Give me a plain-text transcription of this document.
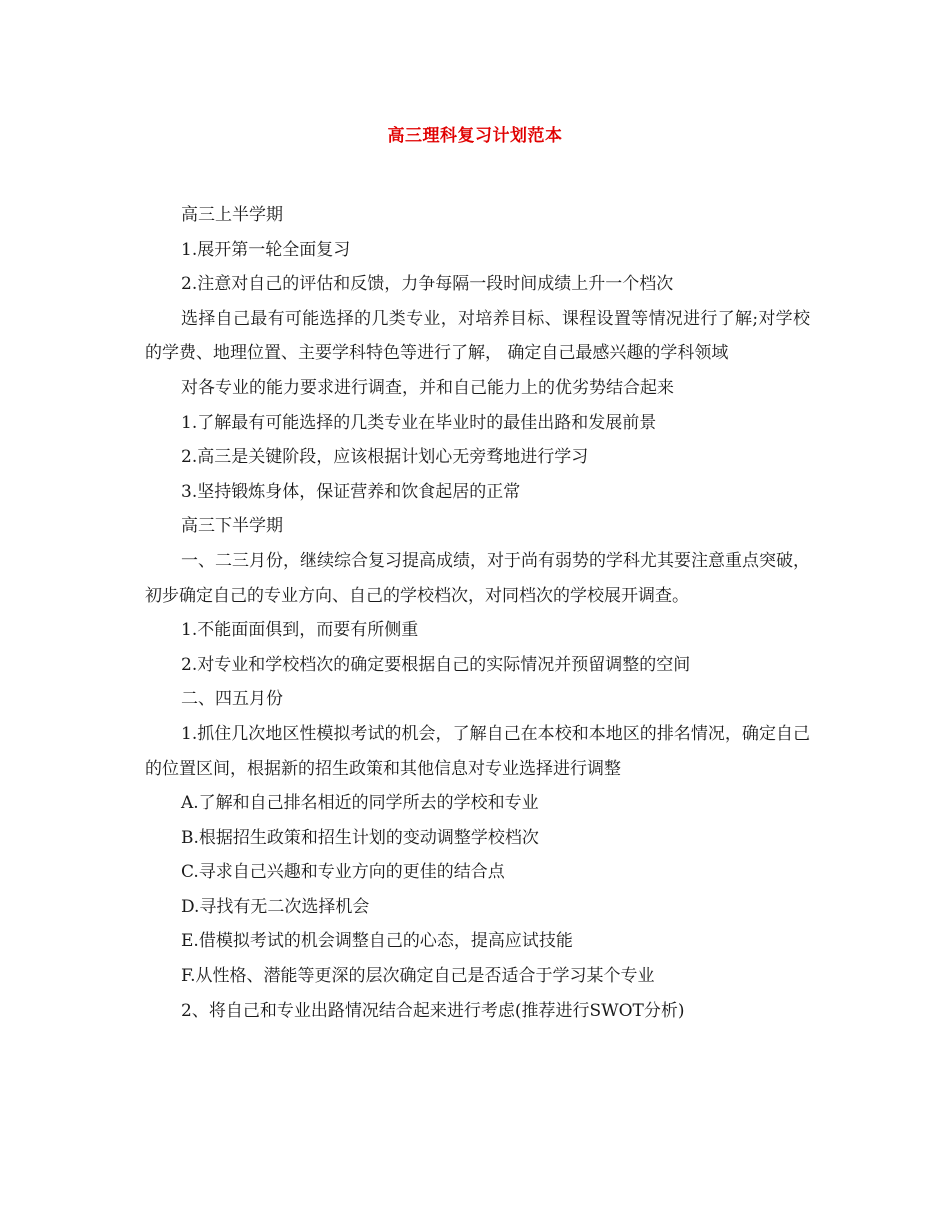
高三理科复习计划范本

高三上半学期

1.展开第一轮全面复习

2.注意对自己的评估和反馈，力争每隔一段时间成绩上升一个档次

选择自己最有可能选择的几类专业，对培养目标、课程设置等情况进行了解;对学校的学费、地理位置、主要学科特色等进行了解， 确定自己最感兴趣的学科领域

对各专业的能力要求进行调查，并和自己能力上的优劣势结合起来

1.了解最有可能选择的几类专业在毕业时的最佳出路和发展前景

2.高三是关键阶段，应该根据计划心无旁骛地进行学习

3.坚持锻炼身体，保证营养和饮食起居的正常

高三下半学期

一、二三月份，继续综合复习提高成绩，对于尚有弱势的学科尤其要注意重点突破，初步确定自己的专业方向、自己的学校档次，对同档次的学校展开调查。

1.不能面面俱到，而要有所侧重

2.对专业和学校档次的确定要根据自己的实际情况并预留调整的空间

二、四五月份

1.抓住几次地区性模拟考试的机会，了解自己在本校和本地区的排名情况，确定自己的位置区间，根据新的招生政策和其他信息对专业选择进行调整

A.了解和自己排名相近的同学所去的学校和专业

B.根据招生政策和招生计划的变动调整学校档次

C.寻求自己兴趣和专业方向的更佳的结合点

D.寻找有无二次选择机会

E.借模拟考试的机会调整自己的心态，提高应试技能

F.从性格、潜能等更深的层次确定自己是否适合于学习某个专业

2、将自己和专业出路情况结合起来进行考虑(推荐进行SWOT分析)
